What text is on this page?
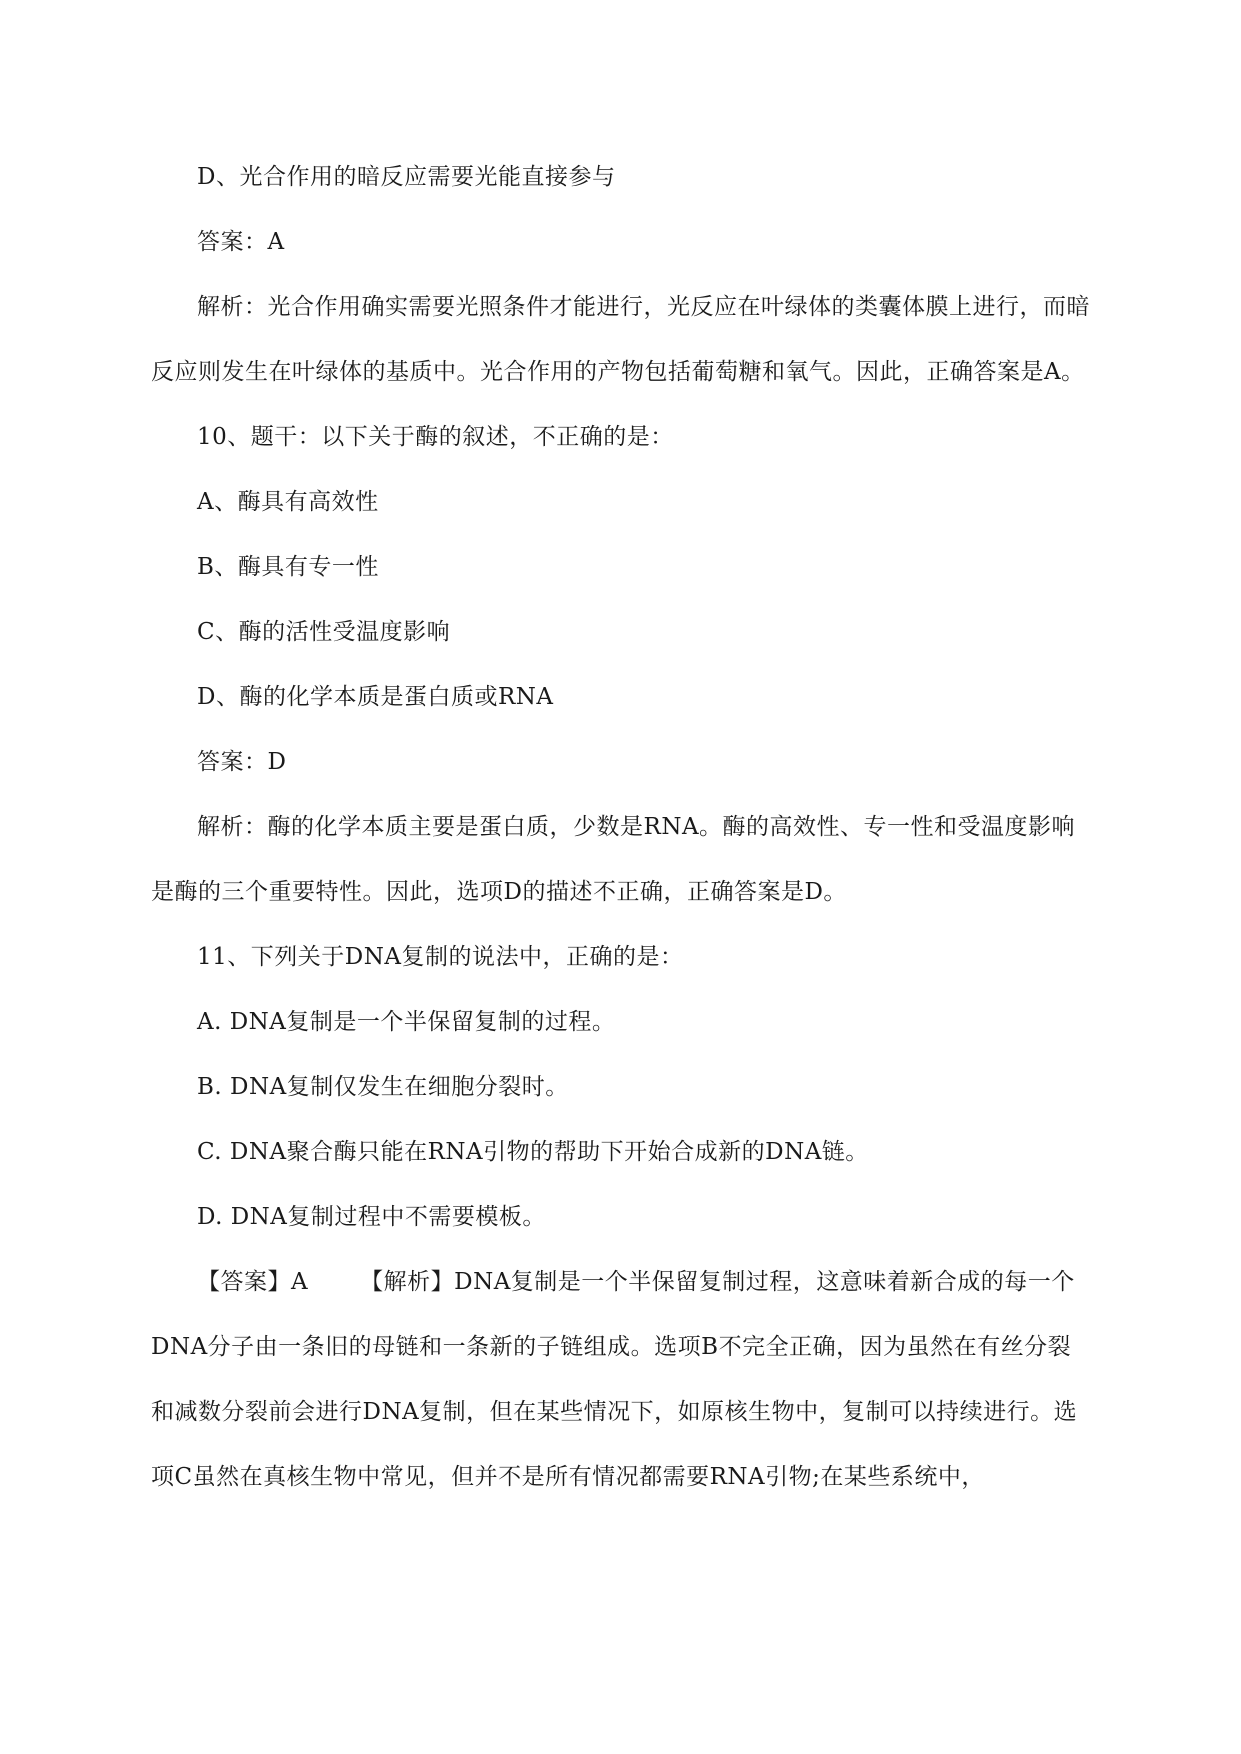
D、光合作用的暗反应需要光能直接参与

答案：A

解析：光合作用确实需要光照条件才能进行，光反应在叶绿体的类囊体膜上进行，而暗反应则发生在叶绿体的基质中。光合作用的产物包括葡萄糖和氧气。因此，正确答案是A。

10、题干：以下关于酶的叙述，不正确的是：

A、酶具有高效性

B、酶具有专一性

C、酶的活性受温度影响

D、酶的化学本质是蛋白质或RNA

答案：D

解析：酶的化学本质主要是蛋白质，少数是RNA。酶的高效性、专一性和受温度影响是酶的三个重要特性。因此，选项D的描述不正确，正确答案是D。

11、下列关于DNA复制的说法中，正确的是：

A. DNA复制是一个半保留复制的过程。

B. DNA复制仅发生在细胞分裂时。

C. DNA聚合酶只能在RNA引物的帮助下开始合成新的DNA链。

D. DNA复制过程中不需要模板。

【答案】A 【解析】DNA复制是一个半保留复制过程，这意味着新合成的每一个DNA分子由一条旧的母链和一条新的子链组成。选项B不完全正确，因为虽然在有丝分裂和减数分裂前会进行DNA复制，但在某些情况下，如原核生物中，复制可以持续进行。选项C虽然在真核生物中常见，但并不是所有情况都需要RNA引物;在某些系统中，
